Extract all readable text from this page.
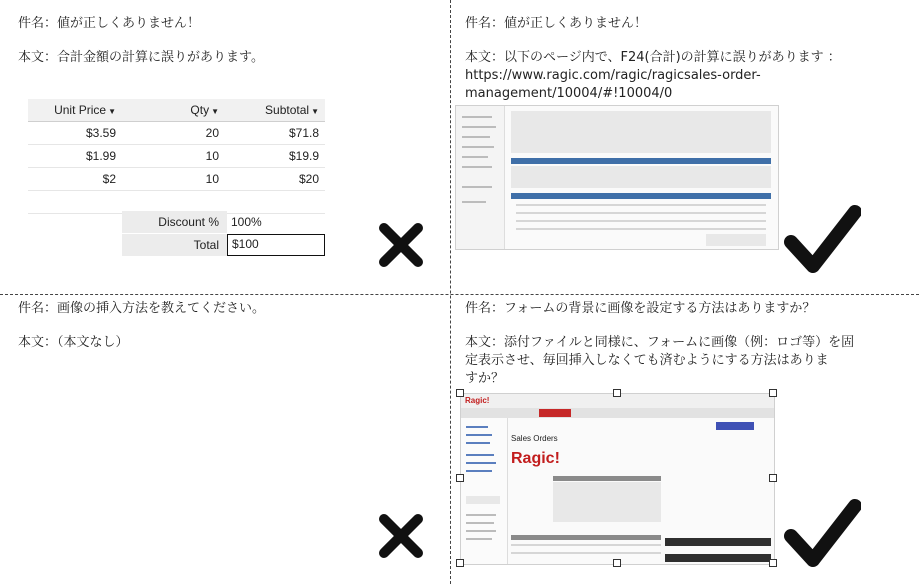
件名：値が正しくありません！
本文：合計金額の計算に誤りがあります。
Unit Price ▼	Qty ▼	Subtotal ▼
$3.59	20	$71.8
$1.99	10	$19.9
$2	10	$20
Discount %	100%
Total	$100
件名：値が正しくありません！
本文：以下のページ内で、F24(合計)の計算に誤りがあります ：
https://www.ragic.com/ragic/ragicsales-order-
management/10004/#!10004/0
件名：画像の挿入方法を教えてください。
本文：（本文なし）
件名：フォームの背景に画像を設定する方法はありますか？
本文：添付ファイルと同様に、フォームに画像（例：ロゴ等）を固
定表示させ、毎回挿入しなくても済むようにする方法はありま
すか？
Ragic!
Sales Orders
Ragic!
